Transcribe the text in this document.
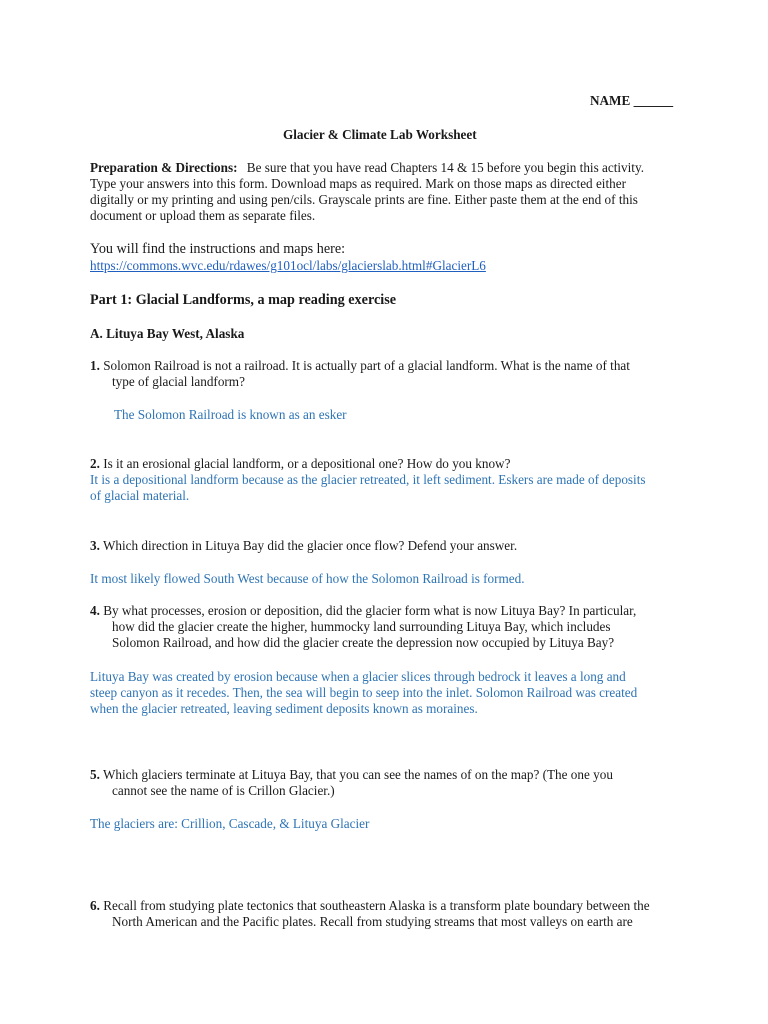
NAME ______
Glacier & Climate Lab Worksheet
Preparation & Directions: Be sure that you have read Chapters 14 & 15 before you begin this activity.
Type your answers into this form. Download maps as required. Mark on those maps as directed either
digitally or my printing and using pen/cils. Grayscale prints are fine. Either paste them at the end of this
document or upload them as separate files.
You will find the instructions and maps here:
https://commons.wvc.edu/rdawes/g101ocl/labs/glacierslab.html#GlacierL6
Part 1: Glacial Landforms, a map reading exercise
A. Lituya Bay West, Alaska
1. Solomon Railroad is not a railroad. It is actually part of a glacial landform. What is the name of that
type of glacial landform?
The Solomon Railroad is known as an esker
2. Is it an erosional glacial landform, or a depositional one? How do you know?
It is a depositional landform because as the glacier retreated, it left sediment. Eskers are made of deposits
of glacial material.
3. Which direction in Lituya Bay did the glacier once flow? Defend your answer.
It most likely flowed South West because of how the Solomon Railroad is formed.
4. By what processes, erosion or deposition, did the glacier form what is now Lituya Bay? In particular,
how did the glacier create the higher, hummocky land surrounding Lituya Bay, which includes
Solomon Railroad, and how did the glacier create the depression now occupied by Lituya Bay?
Lituya Bay was created by erosion because when a glacier slices through bedrock it leaves a long and
steep canyon as it recedes. Then, the sea will begin to seep into the inlet. Solomon Railroad was created
when the glacier retreated, leaving sediment deposits known as moraines.
5. Which glaciers terminate at Lituya Bay, that you can see the names of on the map? (The one you
cannot see the name of is Crillon Glacier.)
The glaciers are: Crillion, Cascade, & Lituya Glacier
6. Recall from studying plate tectonics that southeastern Alaska is a transform plate boundary between the
North American and the Pacific plates. Recall from studying streams that most valleys on earth are
